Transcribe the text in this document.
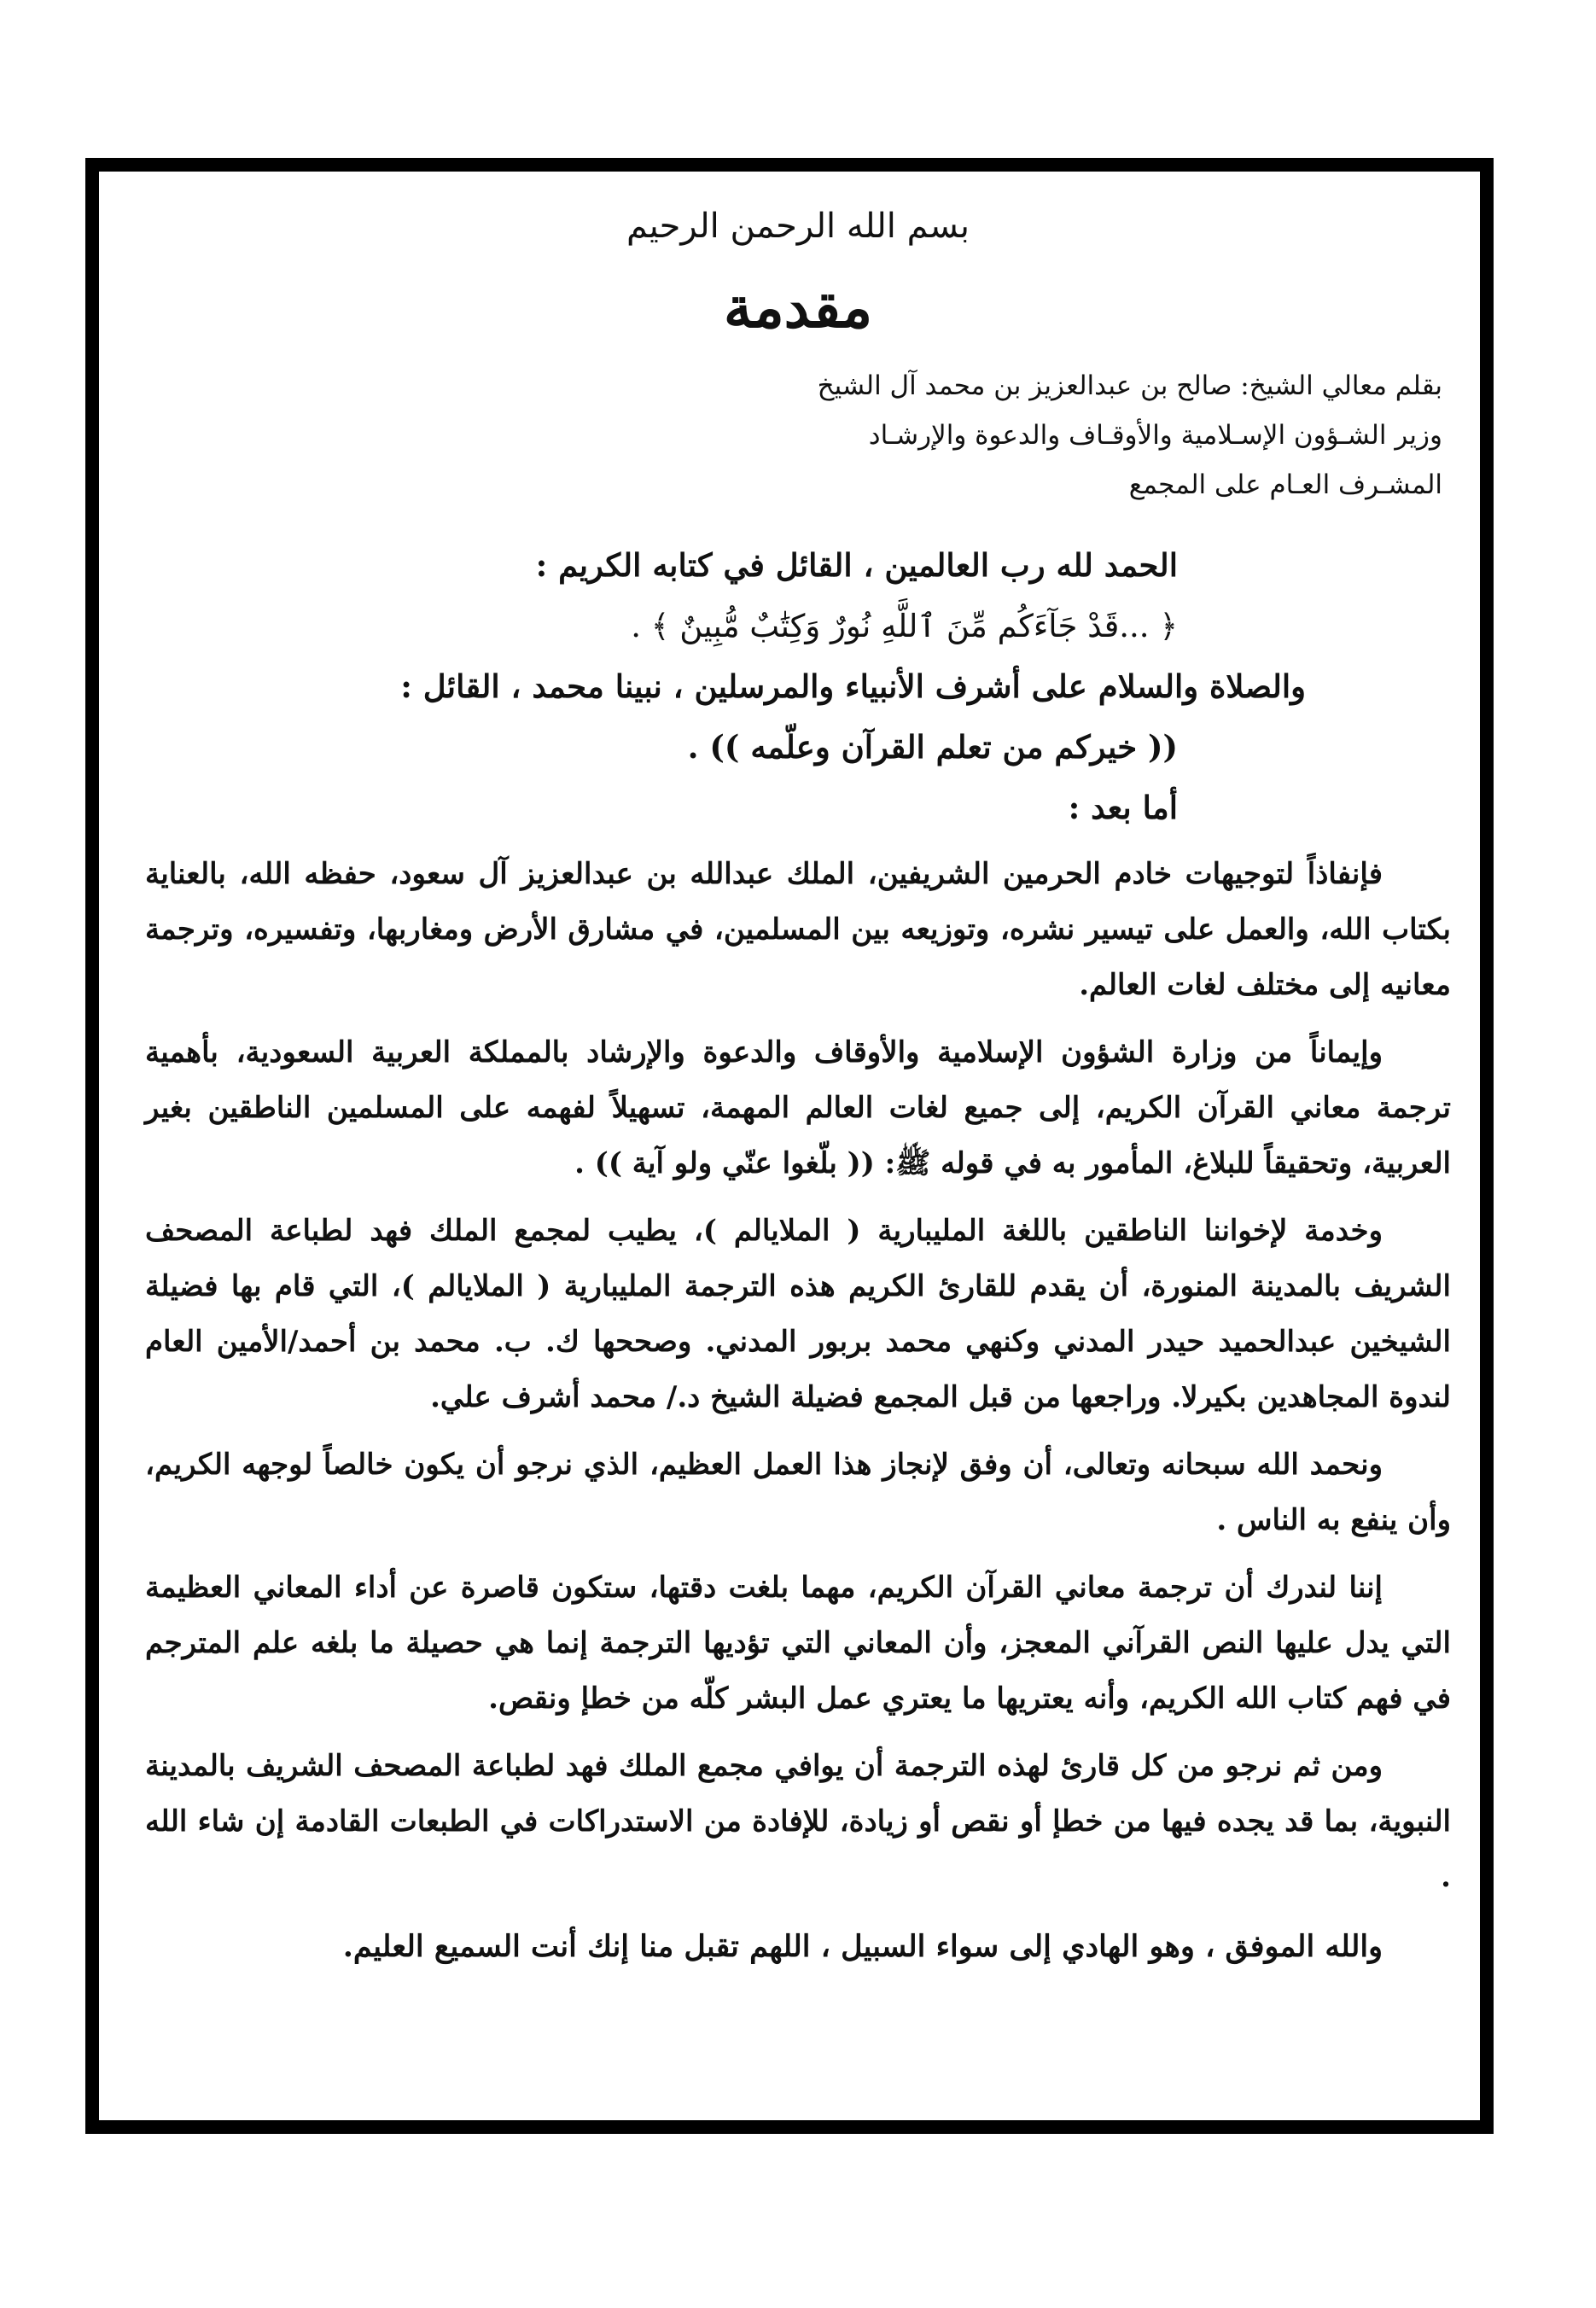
بسم الله الرحمن الرحيم
مقدمة
بقلم معالي الشيخ: صالح بن عبدالعزيز بن محمد آل الشيخ
وزير الشـؤون الإسـلامية والأوقـاف والدعوة والإرشـاد
المشـرف العـام على المجمع

الحمد لله رب العالمين ، القائل في كتابه الكريم :

﴿ ...قَدْ جَآءَكُم مِّنَ ٱللَّهِ نُورٌ وَكِتَٰبٌ مُّبِينٌ ﴾ .

والصلاة والسلام على أشرف الأنبياء والمرسلين ، نبينا محمد ، القائل :

(( خيركم من تعلم القرآن وعلّمه )) .

أما بعد :

فإنفاذاً لتوجيهات خادم الحرمين الشريفين، الملك عبدالله بن عبدالعزيز آل سعود، حفظه الله، بالعناية بكتاب الله، والعمل على تيسير نشره، وتوزيعه بين المسلمين، في مشارق الأرض ومغاربها، وتفسيره، وترجمة معانيه إلى مختلف لغات العالم.

وإيماناً من وزارة الشؤون الإسلامية والأوقاف والدعوة والإرشاد بالمملكة العربية السعودية، بأهمية ترجمة معاني القرآن الكريم، إلى جميع لغات العالم المهمة، تسهيلاً لفهمه على المسلمين الناطقين بغير العربية، وتحقيقاً للبلاغ، المأمور به في قوله ﷺ: (( بلّغوا عنّي ولو آية )) .

وخدمة لإخواننا الناطقين باللغة المليبارية ( الملايالم )، يطيب لمجمع الملك فهد لطباعة المصحف الشريف بالمدينة المنورة، أن يقدم للقارئ الكريم هذه الترجمة المليبارية ( الملايالم )، التي قام بها فضيلة الشيخين عبدالحميد حيدر المدني وكنهي محمد بربور المدني. وصححها ك. ب. محمد بن أحمد/الأمين العام لندوة المجاهدين بكيرلا. وراجعها من قبل المجمع فضيلة الشيخ د./ محمد أشرف علي.

ونحمد الله سبحانه وتعالى، أن وفق لإنجاز هذا العمل العظيم، الذي نرجو أن يكون خالصاً لوجهه الكريم، وأن ينفع به الناس .

إننا لندرك أن ترجمة معاني القرآن الكريم، مهما بلغت دقتها، ستكون قاصرة عن أداء المعاني العظيمة التي يدل عليها النص القرآني المعجز، وأن المعاني التي تؤديها الترجمة إنما هي حصيلة ما بلغه علم المترجم في فهم كتاب الله الكريم، وأنه يعتريها ما يعتري عمل البشر كلّه من خطإ ونقص.

ومن ثم نرجو من كل قارئ لهذه الترجمة أن يوافي مجمع الملك فهد لطباعة المصحف الشريف بالمدينة النبوية، بما قد يجده فيها من خطإ أو نقص أو زيادة، للإفادة من الاستدراكات في الطبعات القادمة إن شاء الله .

والله الموفق ، وهو الهادي إلى سواء السبيل ، اللهم تقبل منا إنك أنت السميع العليم.
